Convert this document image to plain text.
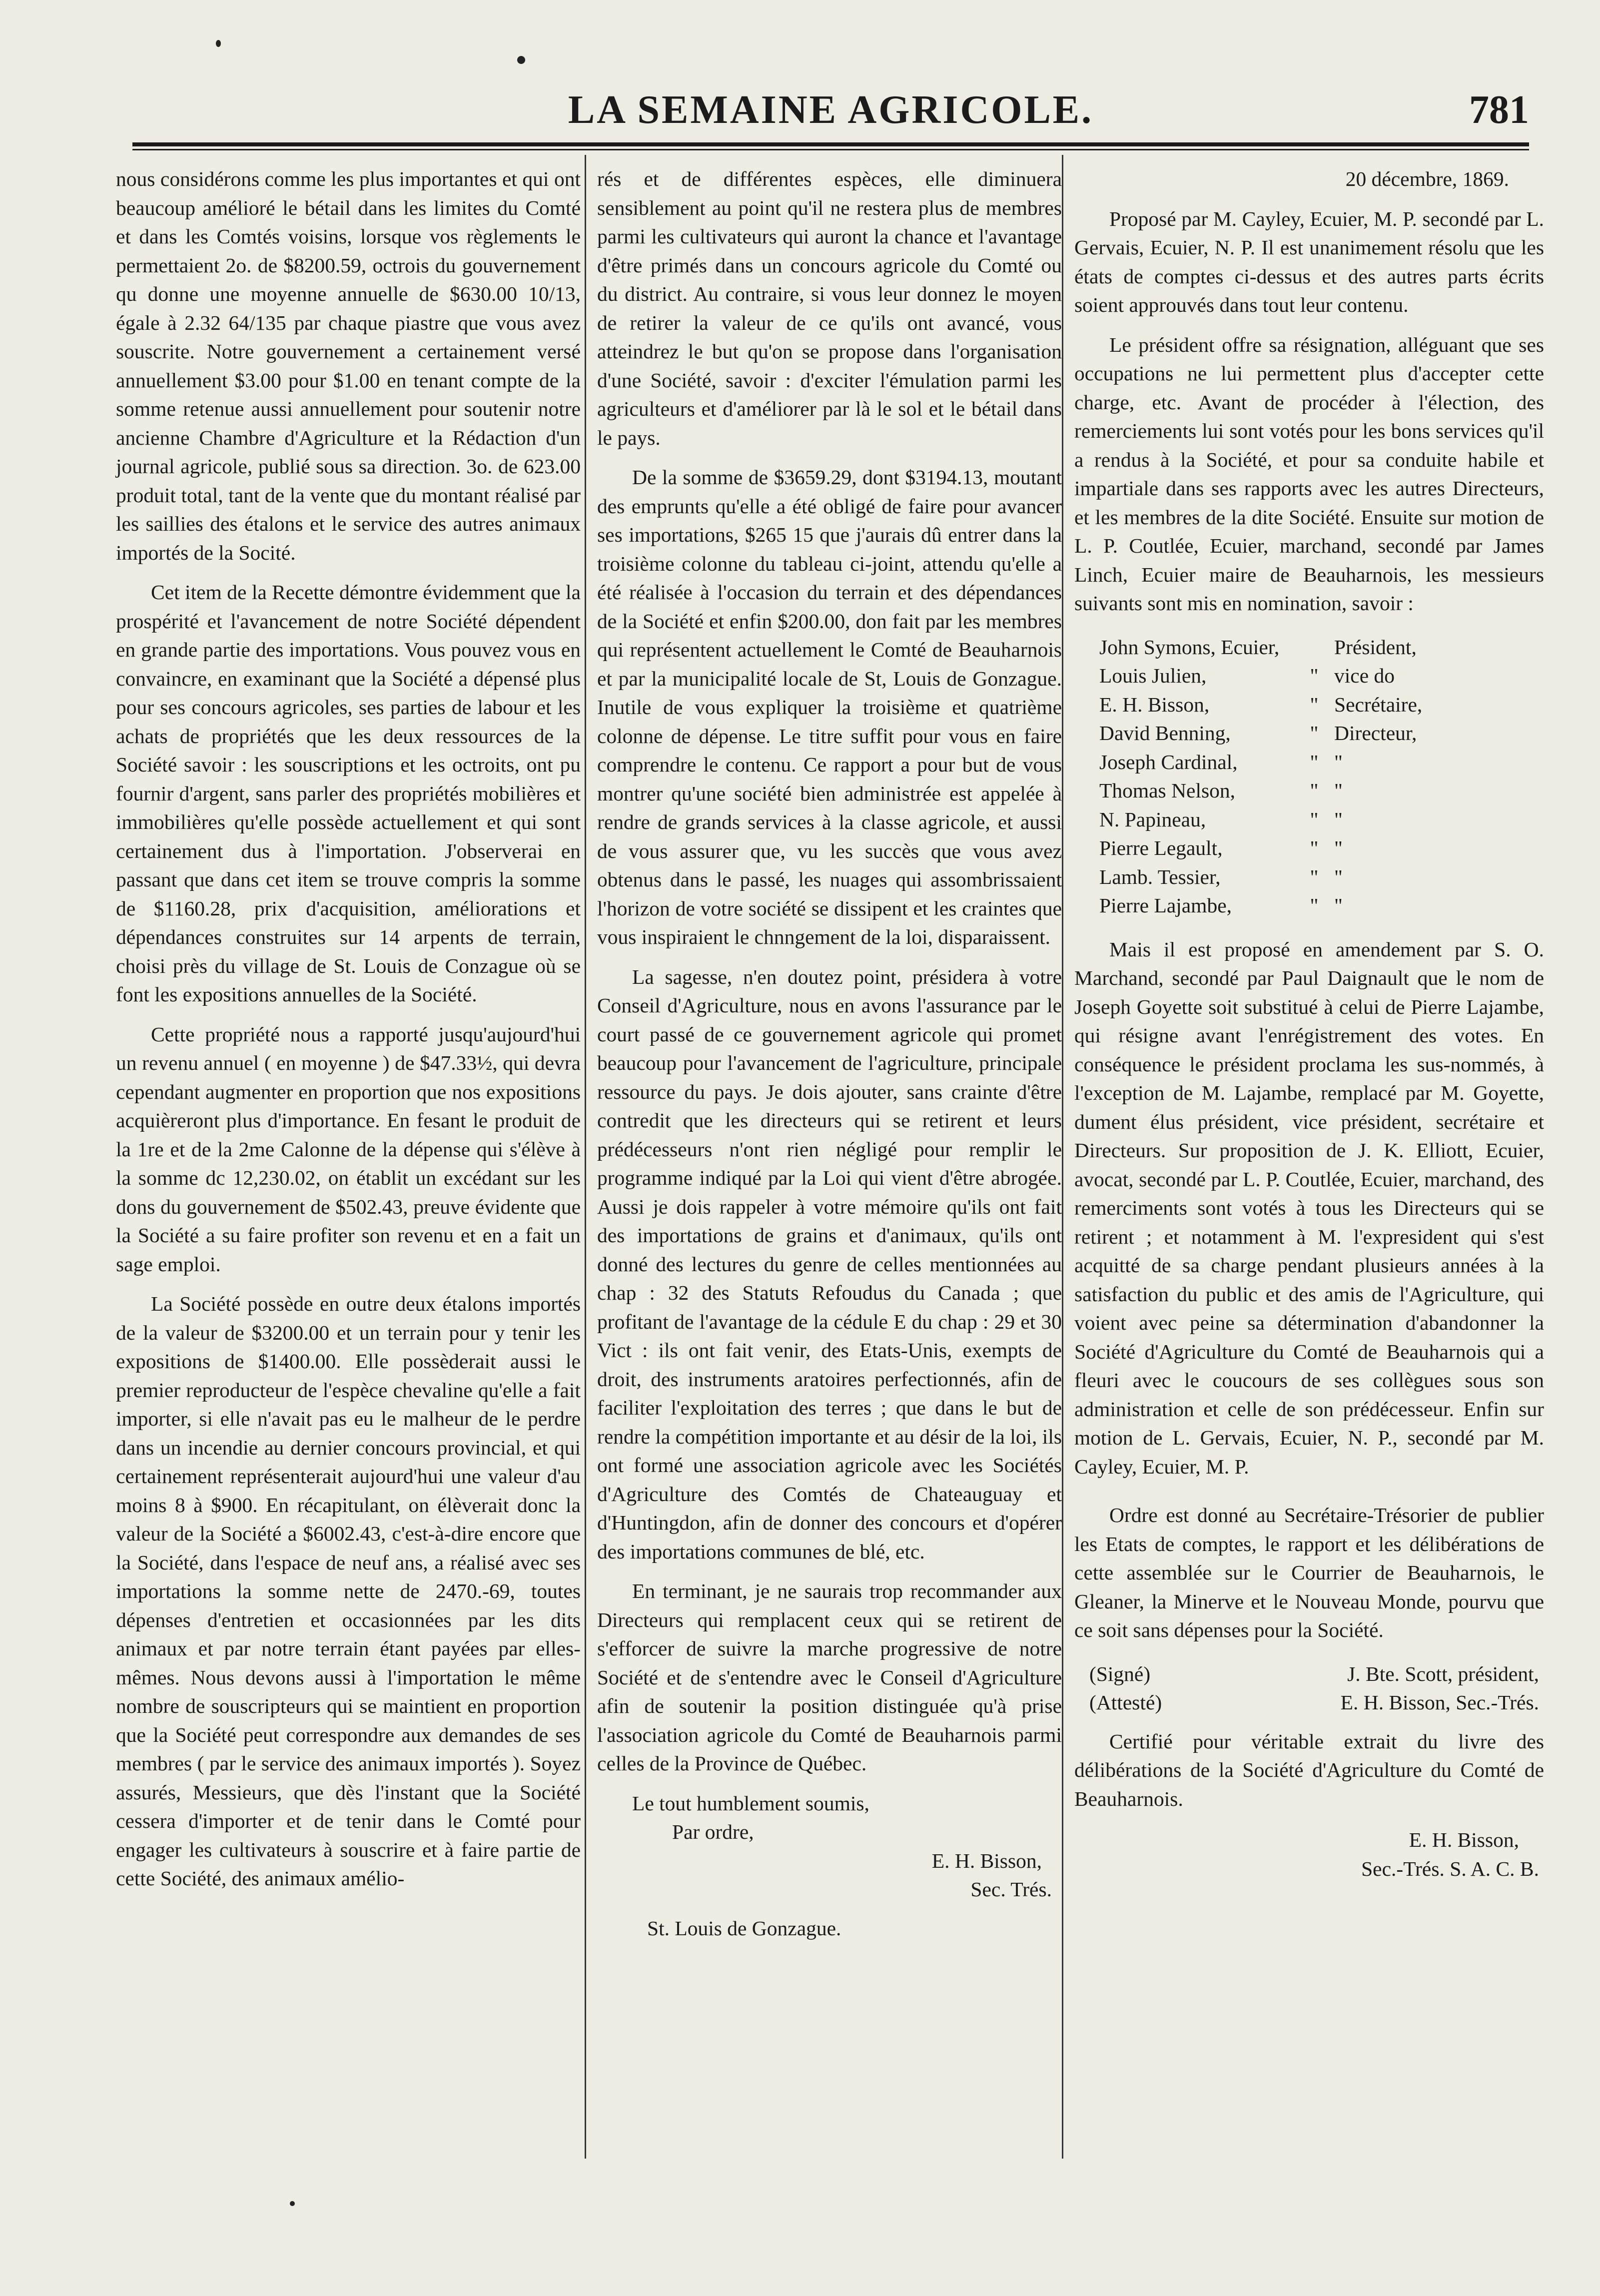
LA SEMAINE AGRICOLE.	781

nous considérons comme les plus importantes et qui ont beaucoup amélioré le bétail dans les limites du Comté et dans les Comtés voisins, lorsque vos règlements le permettaient 2o. de $8200.59, octrois du gouvernement qu donne une moyenne annuelle de $630.00 10/13, égale à 2.32 64/135 par chaque piastre que vous avez souscrite. Notre gouvernement a certainement versé annuellement $3.00 pour $1.00 en tenant compte de la somme retenue aussi annuellement pour soutenir notre ancienne Chambre d'Agriculture et la Rédaction d'un journal agricole, publié sous sa direction. 3o. de 623.00 produit total, tant de la vente que du montant réalisé par les saillies des étalons et le service des autres animaux importés de la Socité.

Cet item de la Recette démontre évidemment que la prospérité et l'avancement de notre Société dépendent en grande partie des importations. Vous pouvez vous en convaincre, en examinant que la Société a dépensé plus pour ses concours agricoles, ses parties de labour et les achats de propriétés que les deux ressources de la Société savoir : les souscriptions et les octroits, ont pu fournir d'argent, sans parler des propriétés mobilières et immobilières qu'elle possède actuellement et qui sont certainement dus à l'importation. J'observerai en passant que dans cet item se trouve compris la somme de $1160.28, prix d'acquisition, améliorations et dépendances construites sur 14 arpents de terrain, choisi près du village de St. Louis de Conzague où se font les expositions annuelles de la Société.

Cette propriété nous a rapporté jusqu'aujourd'hui un revenu annuel ( en moyenne ) de $47.33½, qui devra cependant augmenter en proportion que nos expositions acquièreront plus d'importance. En fesant le produit de la 1re et de la 2me Calonne de la dépense qui s'élève à la somme dc 12,230.02, on établit un excédant sur les dons du gouvernement de $502.43, preuve évidente que la Société a su faire profiter son revenu et en a fait un sage emploi.

La Société possède en outre deux étalons importés de la valeur de $3200.00 et un terrain pour y tenir les expositions de $1400.00. Elle possèderait aussi le premier reproducteur de l'espèce chevaline qu'elle a fait importer, si elle n'avait pas eu le malheur de le perdre dans un incendie au dernier concours provincial, et qui certainement représenterait aujourd'hui une valeur d'au moins 8 à $900. En récapitulant, on élèverait donc la valeur de la Société a $6002.43, c'est-à-dire encore que la Société, dans l'espace de neuf ans, a réalisé avec ses importations la somme nette de 2470.-69, toutes dépenses d'entretien et occasionnées par les dits animaux et par notre terrain étant payées par elles-mêmes. Nous devons aussi à l'importation le même nombre de souscripteurs qui se maintient en proportion que la Société peut correspondre aux demandes de ses membres ( par le service des animaux importés ). Soyez assurés, Messieurs, que dès l'instant que la Société cessera d'importer et de tenir dans le Comté pour engager les cultivateurs à souscrire et à faire partie de cette Société, des animaux amélio-

rés et de différentes espèces, elle diminuera sensiblement au point qu'il ne restera plus de membres parmi les cultivateurs qui auront la chance et l'avantage d'être primés dans un concours agricole du Comté ou du district. Au contraire, si vous leur donnez le moyen de retirer la valeur de ce qu'ils ont avancé, vous atteindrez le but qu'on se propose dans l'organisation d'une Société, savoir : d'exciter l'émulation parmi les agriculteurs et d'améliorer par là le sol et le bétail dans le pays.

De la somme de $3659.29, dont $3194.13, moutant des emprunts qu'elle a été obligé de faire pour avancer ses importations, $265 15 que j'aurais dû entrer dans la troisième colonne du tableau ci-joint, attendu qu'elle a été réalisée à l'occasion du terrain et des dépendances de la Société et enfin $200.00, don fait par les membres qui représentent actuellement le Comté de Beauharnois et par la municipalité locale de St, Louis de Gonzague. Inutile de vous expliquer la troisième et quatrième colonne de dépense. Le titre suffit pour vous en faire comprendre le contenu. Ce rapport a pour but de vous montrer qu'une société bien administrée est appelée à rendre de grands services à la classe agricole, et aussi de vous assurer que, vu les succès que vous avez obtenus dans le passé, les nuages qui assombrissaient l'horizon de votre société se dissipent et les craintes que vous inspiraient le chnngement de la loi, disparaissent.

La sagesse, n'en doutez point, présidera à votre Conseil d'Agriculture, nous en avons l'assurance par le court passé de ce gouvernement agricole qui promet beaucoup pour l'avancement de l'agriculture, principale ressource du pays. Je dois ajouter, sans crainte d'être contredit que les directeurs qui se retirent et leurs prédécesseurs n'ont rien négligé pour remplir le programme indiqué par la Loi qui vient d'être abrogée. Aussi je dois rappeler à votre mémoire qu'ils ont fait des importations de grains et d'animaux, qu'ils ont donné des lectures du genre de celles mentionnées au chap : 32 des Statuts Refoudus du Canada ; que profitant de l'avantage de la cédule E du chap : 29 et 30 Vict : ils ont fait venir, des Etats-Unis, exempts de droit, des instruments aratoires perfectionnés, afin de faciliter l'exploitation des terres ; que dans le but de rendre la compétition importante et au désir de la loi, ils ont formé une association agricole avec les Sociétés d'Agriculture des Comtés de Chateauguay et d'Huntingdon, afin de donner des concours et d'opérer des importations communes de blé, etc.

En terminant, je ne saurais trop recommander aux Directeurs qui remplacent ceux qui se retirent de s'efforcer de suivre la marche progressive de notre Société et de s'entendre avec le Conseil d'Agriculture afin de soutenir la position distinguée qu'à prise l'association agricole du Comté de Beauharnois parmi celles de la Province de Québec.

Le tout humblement soumis,

Par ordre,

E. H. Bisson,

Sec. Trés.

St. Louis de Gonzague.

20 décembre, 1869.

Proposé par M. Cayley, Ecuier, M. P. secondé par L. Gervais, Ecuier, N. P. Il est unanimement résolu que les états de comptes ci-dessus et des autres parts écrits soient approuvés dans tout leur contenu.

Le président offre sa résignation, alléguant que ses occupations ne lui permettent plus d'accepter cette charge, etc. Avant de procéder à l'élection, des remerciements lui sont votés pour les bons services qu'il a rendus à la Société, et pour sa conduite habile et impartiale dans ses rapports avec les autres Directeurs, et les membres de la dite Société. Ensuite sur motion de L. P. Coutlée, Ecuier, marchand, secondé par James Linch, Ecuier maire de Beauharnois, les messieurs suivants sont mis en nomination, savoir :

John Symons, Ecuier,	Président,
Louis Julien,	" vice do
E. H. Bisson,	" Secrétaire,
David Benning,	" Directeur,
Joseph Cardinal,	" "
Thomas Nelson,	" "
N. Papineau,	" "
Pierre Legault,	" "
Lamb. Tessier,	" "
Pierre Lajambe,	" "

Mais il est proposé en amendement par S. O. Marchand, secondé par Paul Daignault que le nom de Joseph Goyette soit substitué à celui de Pierre Lajambe, qui résigne avant l'enrégistrement des votes. En conséquence le président proclama les sus-nommés, à l'exception de M. Lajambe, remplacé par M. Goyette, dument élus président, vice président, secrétaire et Directeurs. Sur proposition de J. K. Elliott, Ecuier, avocat, secondé par L. P. Coutlée, Ecuier, marchand, des remerciments sont votés à tous les Directeurs qui se retirent ; et notamment à M. l'expresident qui s'est acquitté de sa charge pendant plusieurs années à la satisfaction du public et des amis de l'Agriculture, qui voient avec peine sa détermination d'abandonner la Société d'Agriculture du Comté de Beauharnois qui a fleuri avec le coucours de ses collègues sous son administration et celle de son prédécesseur. Enfin sur motion de L. Gervais, Ecuier, N. P., secondé par M. Cayley, Ecuier, M. P.

Ordre est donné au Secrétaire-Trésorier de publier les Etats de comptes, le rapport et les délibérations de cette assemblée sur le Courrier de Beauharnois, le Gleaner, la Minerve et le Nouveau Monde, pourvu que ce soit sans dépenses pour la Société.

(Signé)	J. Bte. Scott, président,
(Attesté)	E. H. Bisson, Sec.-Trés.

Certifié pour véritable extrait du livre des délibérations de la Société d'Agriculture du Comté de Beauharnois.

E. H. Bisson,

Sec.-Trés. S. A. C. B.
